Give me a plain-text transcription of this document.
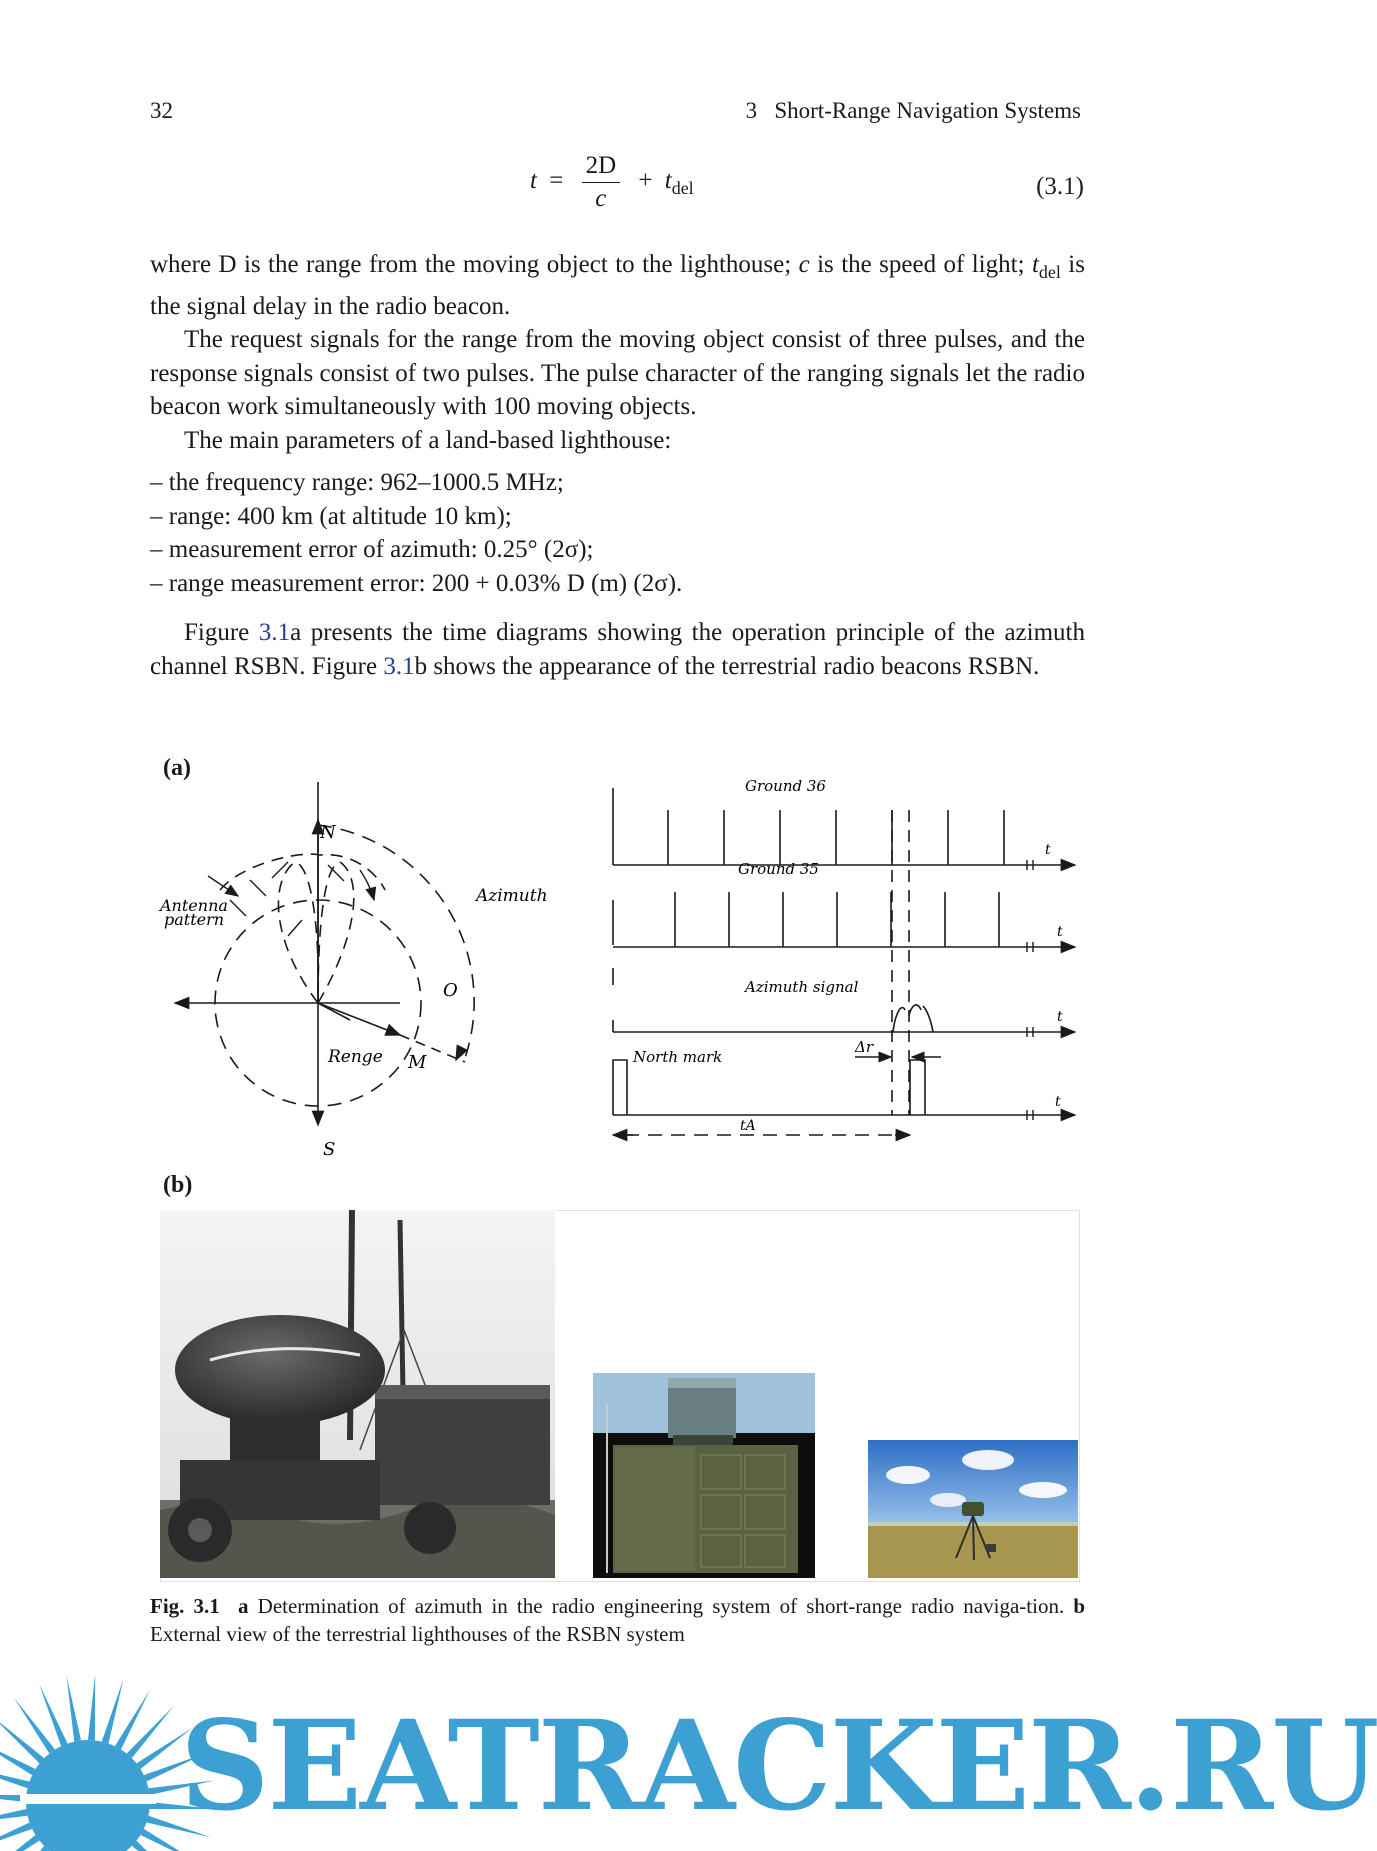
32	3   Short-Range Navigation Systems
$t = \frac{2D}{c} + t_{del}$	(3.1)

where D is the range from the moving object to the lighthouse; c is the speed of light; $t_{del}$ is the signal delay in the radio beacon.

The request signals for the range from the moving object consist of three pulses, and the response signals consist of two pulses. The pulse character of the ranging signals let the radio beacon work simultaneously with 100 moving objects.

The main parameters of a land-based lighthouse:

– the frequency range: 962–1000.5 MHz;
– range: 400 km (at altitude 10 km);
– measurement error of azimuth: 0.25° (2σ);
– range measurement error: 200 + 0.03% D (m) (2σ).

Figure 3.1a presents the time diagrams showing the operation principle of the azimuth channel RSBN. Figure 3.1b shows the appearance of the terrestrial radio beacons RSBN.

(a)
N
S
O
M
Antenna
pattern
Azimuth
Renge
Ground 36
t
Ground 35
t
Azimuth signal
t
North mark
t
Δr
tA
(b)
Fig. 3.1 a Determination of azimuth in the radio engineering system of short-range radio naviga-tion. b External view of the terrestrial lighthouses of the RSBN system
SEATRACKER.RU
